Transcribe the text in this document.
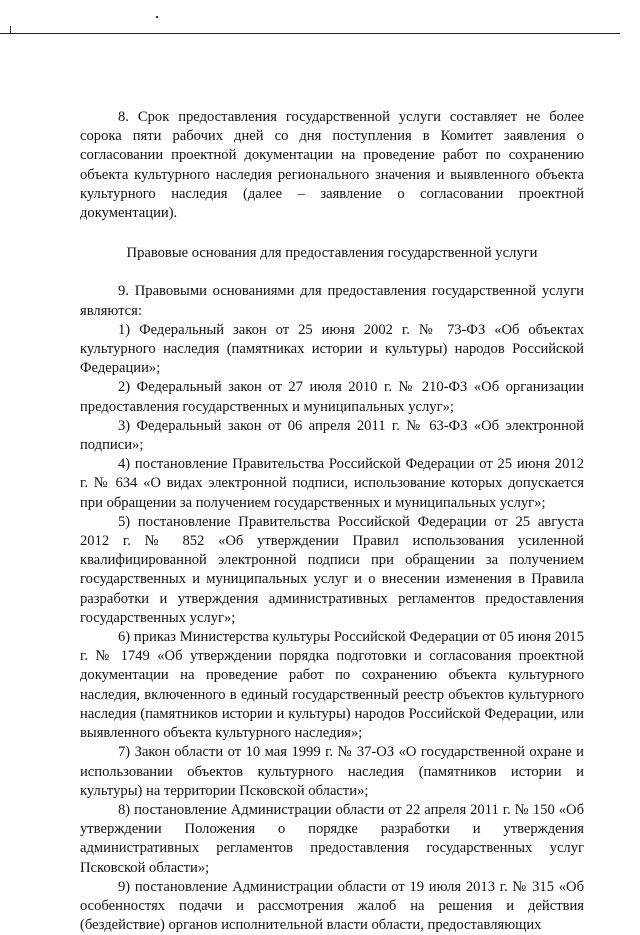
8. Срок предоставления государственной услуги составляет не более сорока пяти рабочих дней со дня поступления в Комитет заявления о согласовании проектной документации на проведение работ по сохранению объекта культурного наследия регионального значения и выявленного объекта культурного наследия (далее – заявление о согласовании проектной документации).

Правовые основания для предоставления государственной услуги

9. Правовыми основаниями для предоставления государственной услуги являются:

1) Федеральный закон от 25 июня 2002 г. № 73-ФЗ «Об объектах культурного наследия (памятниках истории и культуры) народов Российской Федерации»;

2) Федеральный закон от 27 июля 2010 г. № 210-ФЗ «Об организации предоставления государственных и муниципальных услуг»;

3) Федеральный закон от 06 апреля 2011 г. № 63-ФЗ «Об электронной подписи»;

4) постановление Правительства Российской Федерации от 25 июня 2012 г. № 634 «О видах электронной подписи, использование которых допускается при обращении за получением государственных и муниципальных услуг»;

5) постановление Правительства Российской Федерации от 25 августа 2012 г. № 852 «Об утверждении Правил использования усиленной квалифицированной электронной подписи при обращении за получением государственных и муниципальных услуг и о внесении изменения в Правила разработки и утверждения административных регламентов предоставления государственных услуг»;

6) приказ Министерства культуры Российской Федерации от 05 июня 2015 г. № 1749 «Об утверждении порядка подготовки и согласования проектной документации на проведение работ по сохранению объекта культурного наследия, включенного в единый государственный реестр объектов культурного наследия (памятников истории и культуры) народов Российской Федерации, или выявленного объекта культурного наследия»;

7) Закон области от 10 мая 1999 г. № 37-ОЗ «О государственной охране и использовании объектов культурного наследия (памятников истории и культуры) на территории Псковской области»;

8) постановление Администрации области от 22 апреля 2011 г. № 150 «Об утверждении Положения о порядке разработки и утверждения административных регламентов предоставления государственных услуг Псковской области»;

9) постановление Администрации области от 19 июля 2013 г. № 315 «Об особенностях подачи и рассмотрения жалоб на решения и действия (бездействие) органов исполнительной власти области, предоставляющих
